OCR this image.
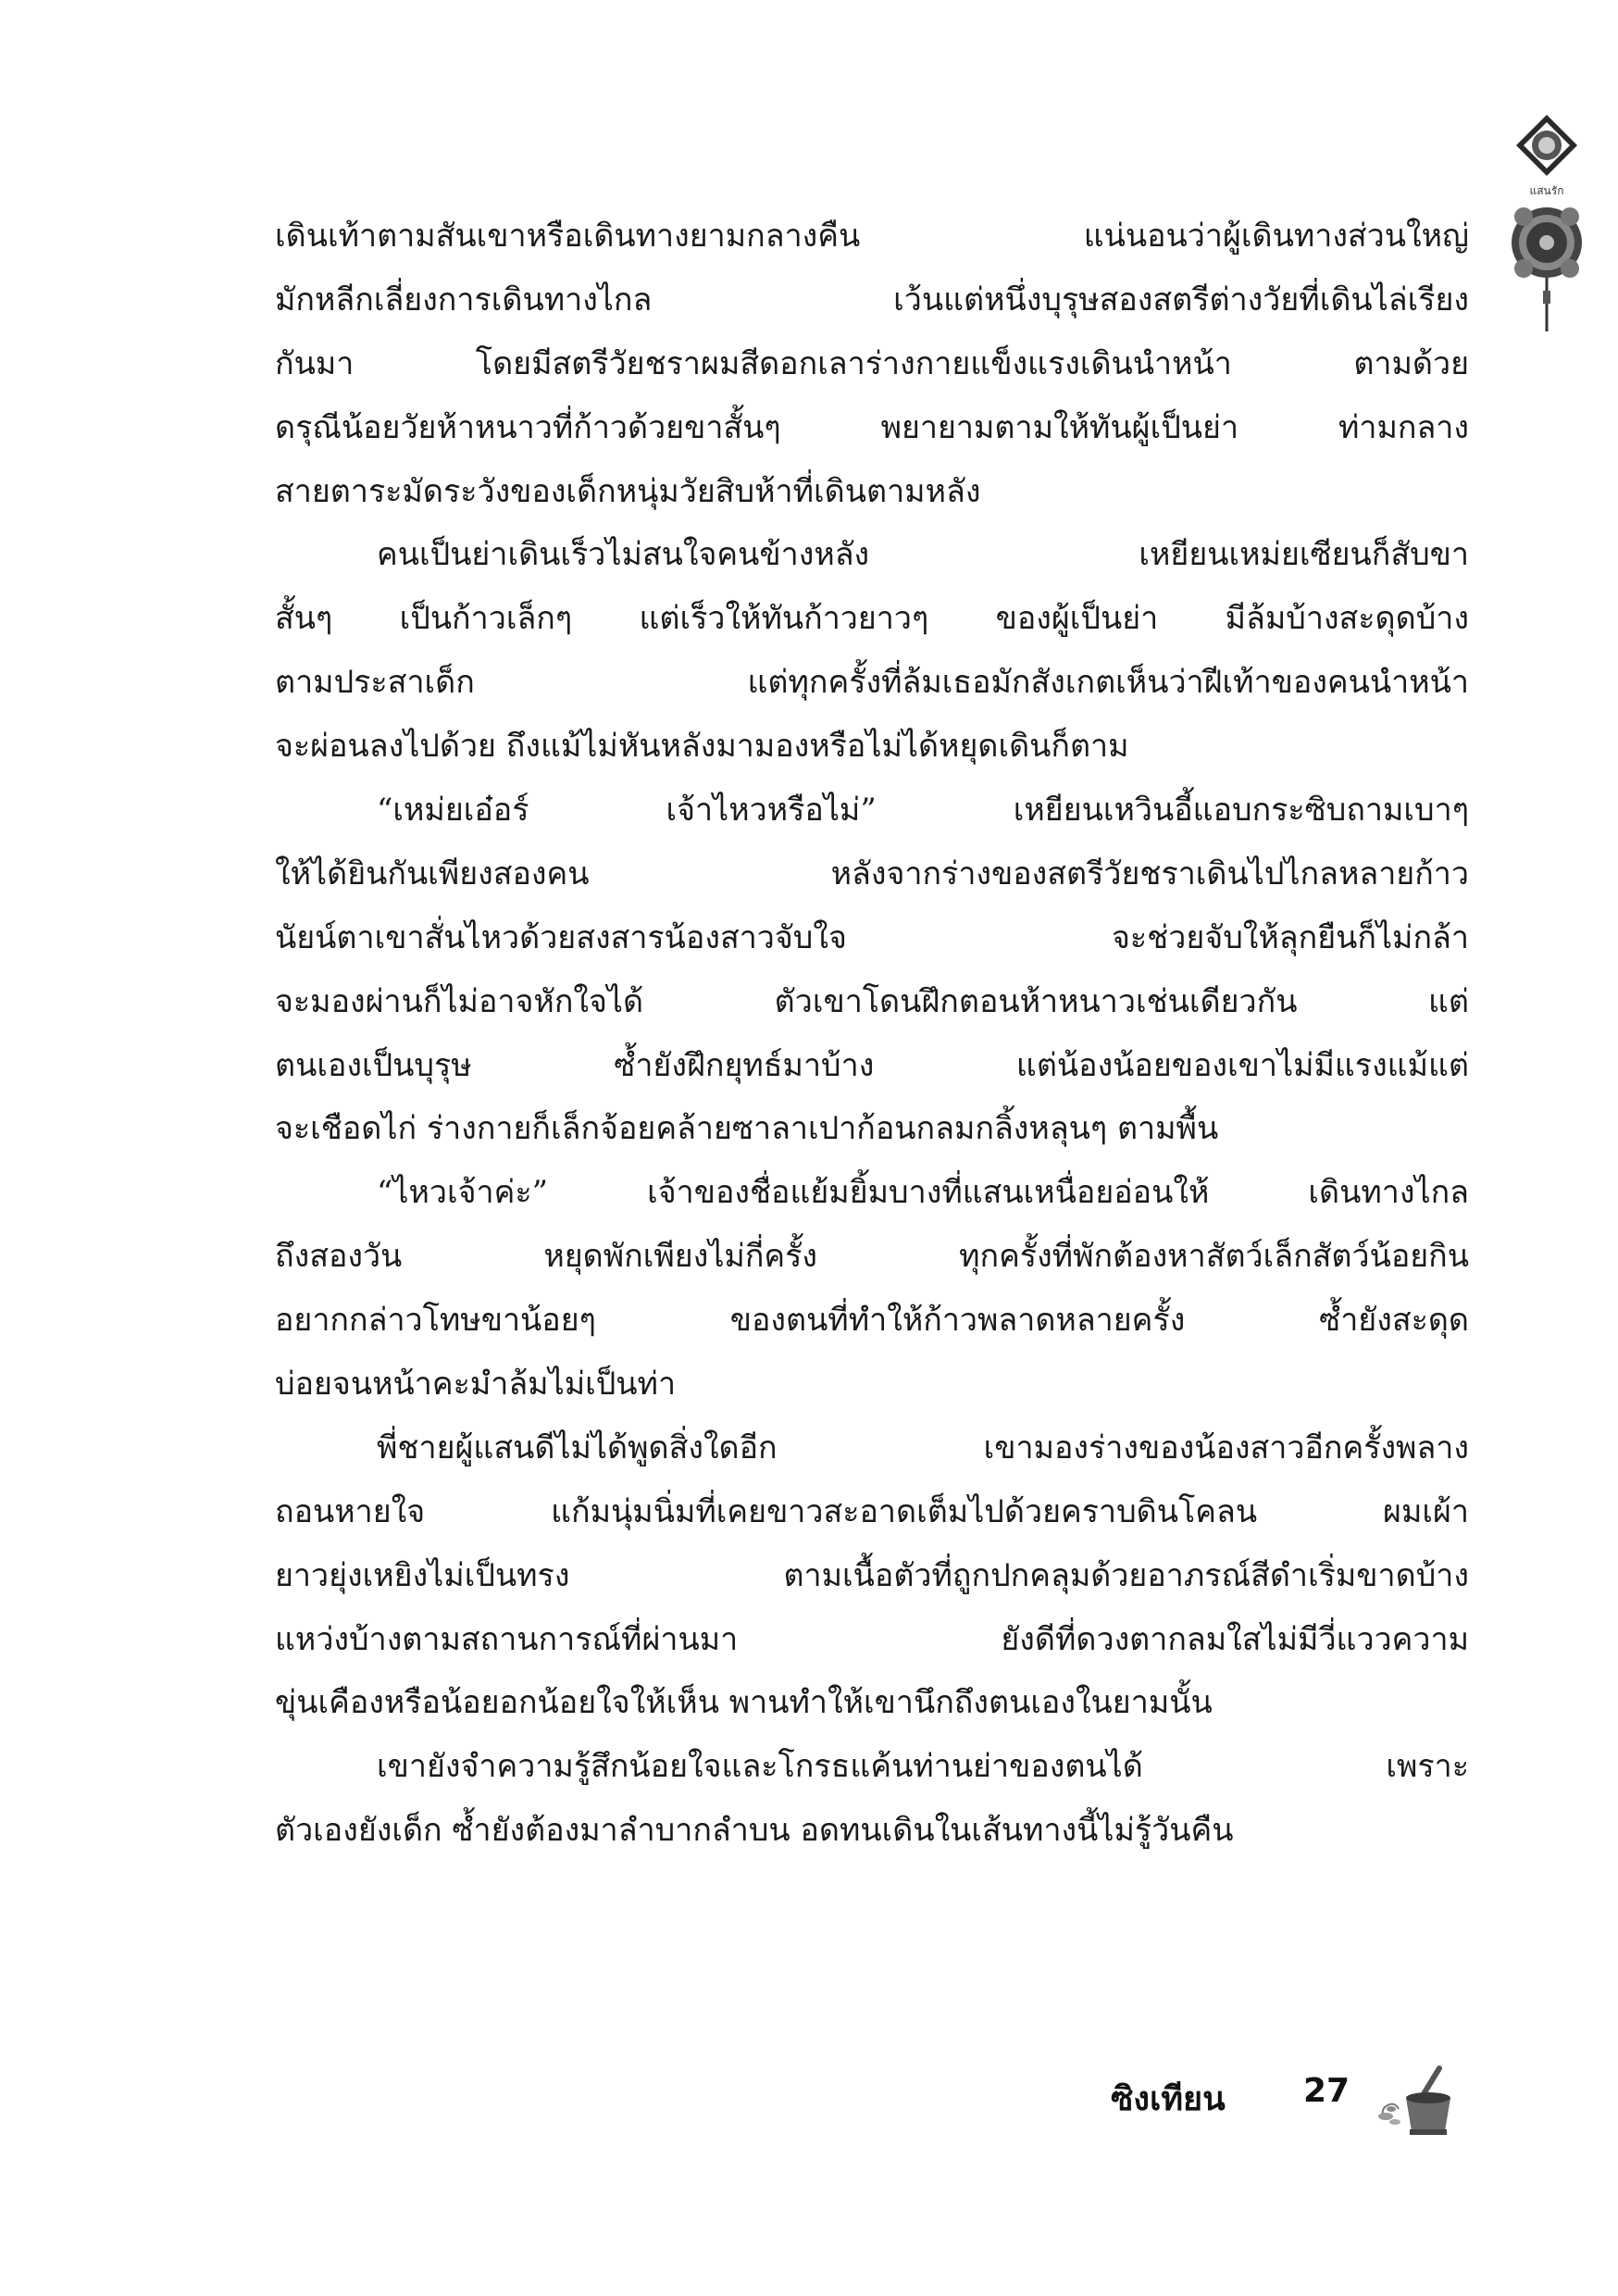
แสนรัก
เดินเท้าตามสันเขาหรือเดินทางยามกลางคืน แน่นอนว่าผู้เดินทางส่วนใหญ่
มักหลีกเลี่ยงการเดินทางไกล เว้นแต่หนึ่งบุรุษสองสตรีต่างวัยที่เดินไล่เรียง
กันมา โดยมีสตรีวัยชราผมสีดอกเลาร่างกายแข็งแรงเดินนำหน้า ตามด้วย
ดรุณีน้อยวัยห้าหนาวที่ก้าวด้วยขาสั้นๆ พยายามตามให้ทันผู้เป็นย่า ท่ามกลาง
สายตาระมัดระวังของเด็กหนุ่มวัยสิบห้าที่เดินตามหลัง
คนเป็นย่าเดินเร็วไม่สนใจคนข้างหลัง เหยียนเหม่ยเซียนก็สับขา
สั้นๆ เป็นก้าวเล็กๆ แต่เร็วให้ทันก้าวยาวๆ ของผู้เป็นย่า มีล้มบ้างสะดุดบ้าง
ตามประสาเด็ก แต่ทุกครั้งที่ล้มเธอมักสังเกตเห็นว่าฝีเท้าของคนนำหน้า
จะผ่อนลงไปด้วย ถึงแม้ไม่หันหลังมามองหรือไม่ได้หยุดเดินก็ตาม
“เหม่ยเอ๋อร์ เจ้าไหวหรือไม่” เหยียนเหวินอี้แอบกระซิบถามเบาๆ
ให้ได้ยินกันเพียงสองคน หลังจากร่างของสตรีวัยชราเดินไปไกลหลายก้าว
นัยน์ตาเขาสั่นไหวด้วยสงสารน้องสาวจับใจ จะช่วยจับให้ลุกยืนก็ไม่กล้า
จะมองผ่านก็ไม่อาจหักใจได้ ตัวเขาโดนฝึกตอนห้าหนาวเช่นเดียวกัน แต่
ตนเองเป็นบุรุษ ซ้ำยังฝึกยุทธ์มาบ้าง แต่น้องน้อยของเขาไม่มีแรงแม้แต่
จะเชือดไก่ ร่างกายก็เล็กจ้อยคล้ายซาลาเปาก้อนกลมกลิ้งหลุนๆ ตามพื้น
“ไหวเจ้าค่ะ” เจ้าของชื่อแย้มยิ้มบางที่แสนเหนื่อยอ่อนให้ เดินทางไกล
ถึงสองวัน หยุดพักเพียงไม่กี่ครั้ง ทุกครั้งที่พักต้องหาสัตว์เล็กสัตว์น้อยกิน
อยากกล่าวโทษขาน้อยๆ ของตนที่ทำให้ก้าวพลาดหลายครั้ง ซ้ำยังสะดุด
บ่อยจนหน้าคะมำล้มไม่เป็นท่า
พี่ชายผู้แสนดีไม่ได้พูดสิ่งใดอีก เขามองร่างของน้องสาวอีกครั้งพลาง
ถอนหายใจ แก้มนุ่มนิ่มที่เคยขาวสะอาดเต็มไปด้วยคราบดินโคลน ผมเผ้า
ยาวยุ่งเหยิงไม่เป็นทรง ตามเนื้อตัวที่ถูกปกคลุมด้วยอาภรณ์สีดำเริ่มขาดบ้าง
แหว่งบ้างตามสถานการณ์ที่ผ่านมา ยังดีที่ดวงตากลมใสไม่มีวี่แววความ
ขุ่นเคืองหรือน้อยอกน้อยใจให้เห็น พานทำให้เขานึกถึงตนเองในยามนั้น
เขายังจำความรู้สึกน้อยใจและโกรธแค้นท่านย่าของตนได้ เพราะ
ตัวเองยังเด็ก ซ้ำยังต้องมาลำบากลำบน อดทนเดินในเส้นทางนี้ไม่รู้วันคืน
ซิงเทียน 27
